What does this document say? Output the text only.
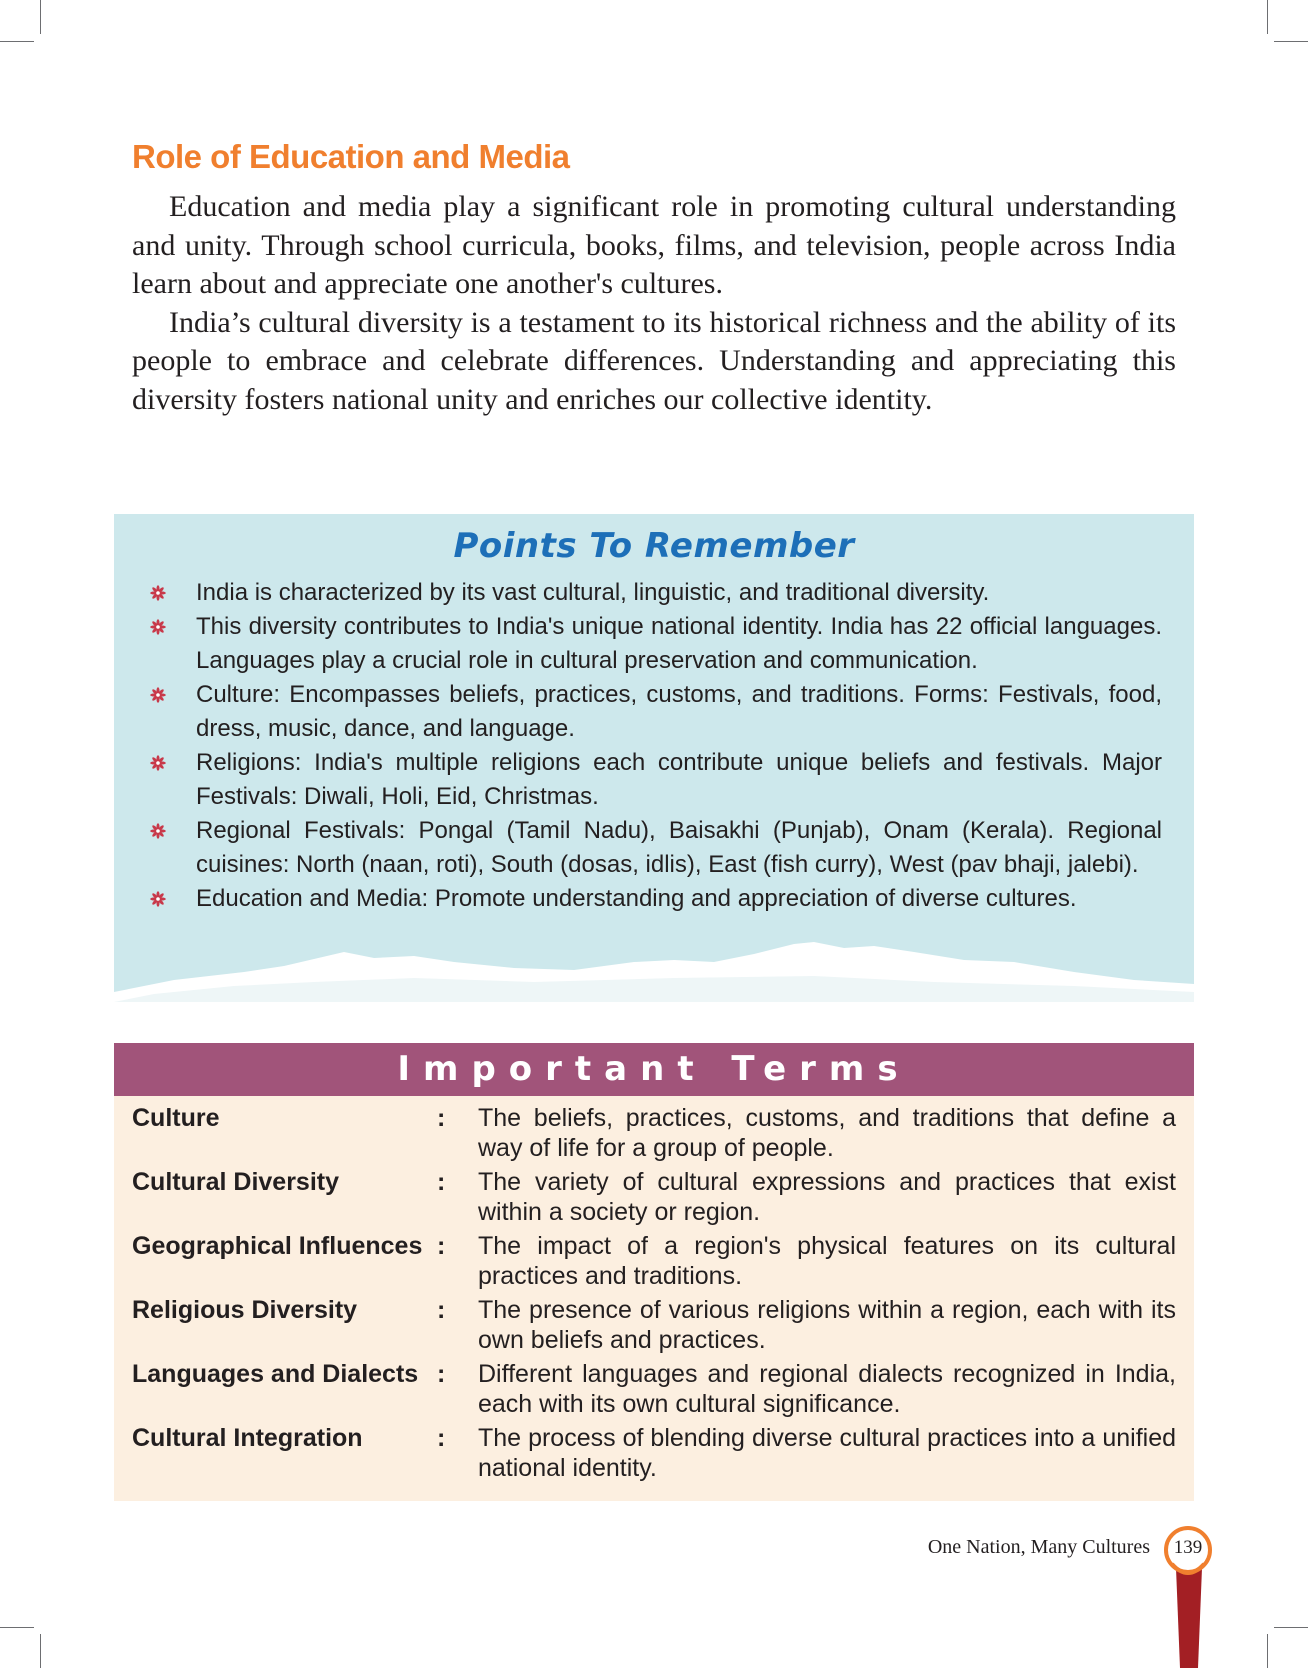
Role of Education and Media

Education and media play a significant role in promoting cultural understanding and unity. Through school curricula, books, films, and television, people across India learn about and appreciate one another's cultures.

India’s cultural diversity is a testament to its historical richness and the ability of its people to embrace and celebrate differences. Understanding and appreciating this diversity fosters national unity and enriches our collective identity.

Points To Remember
India is characterized by its vast cultural, linguistic, and traditional diversity.
This diversity contributes to India's unique national identity. India has 22 official languages. Languages play a crucial role in cultural preservation and communication.
Culture: Encompasses beliefs, practices, customs, and traditions. Forms: Festivals, food, dress, music, dance, and language.
Religions: India's multiple religions each contribute unique beliefs and festivals. Major Festivals: Diwali, Holi, Eid, Christmas.
Regional Festivals: Pongal (Tamil Nadu), Baisakhi (Punjab), Onam (Kerala). Regional cuisines: North (naan, roti), South (dosas, idlis), East (fish curry), West (pav bhaji, jalebi).
Education and Media: Promote understanding and appreciation of diverse cultures.
Important Terms
Culture	: The beliefs, practices, customs, and traditions that define a way of life for a group of people.
Cultural Diversity	: The variety of cultural expressions and practices that exist within a society or region.
Geographical Influences : The impact of a region's physical features on its cultural practices and traditions.
Religious Diversity	: The presence of various religions within a region, each with its own beliefs and practices.
Languages and Dialects : Different languages and regional dialects recognized in India, each with its own cultural significance.
Cultural Integration	: The process of blending diverse cultural practices into a unified national identity.
One Nation, Many Cultures 139
